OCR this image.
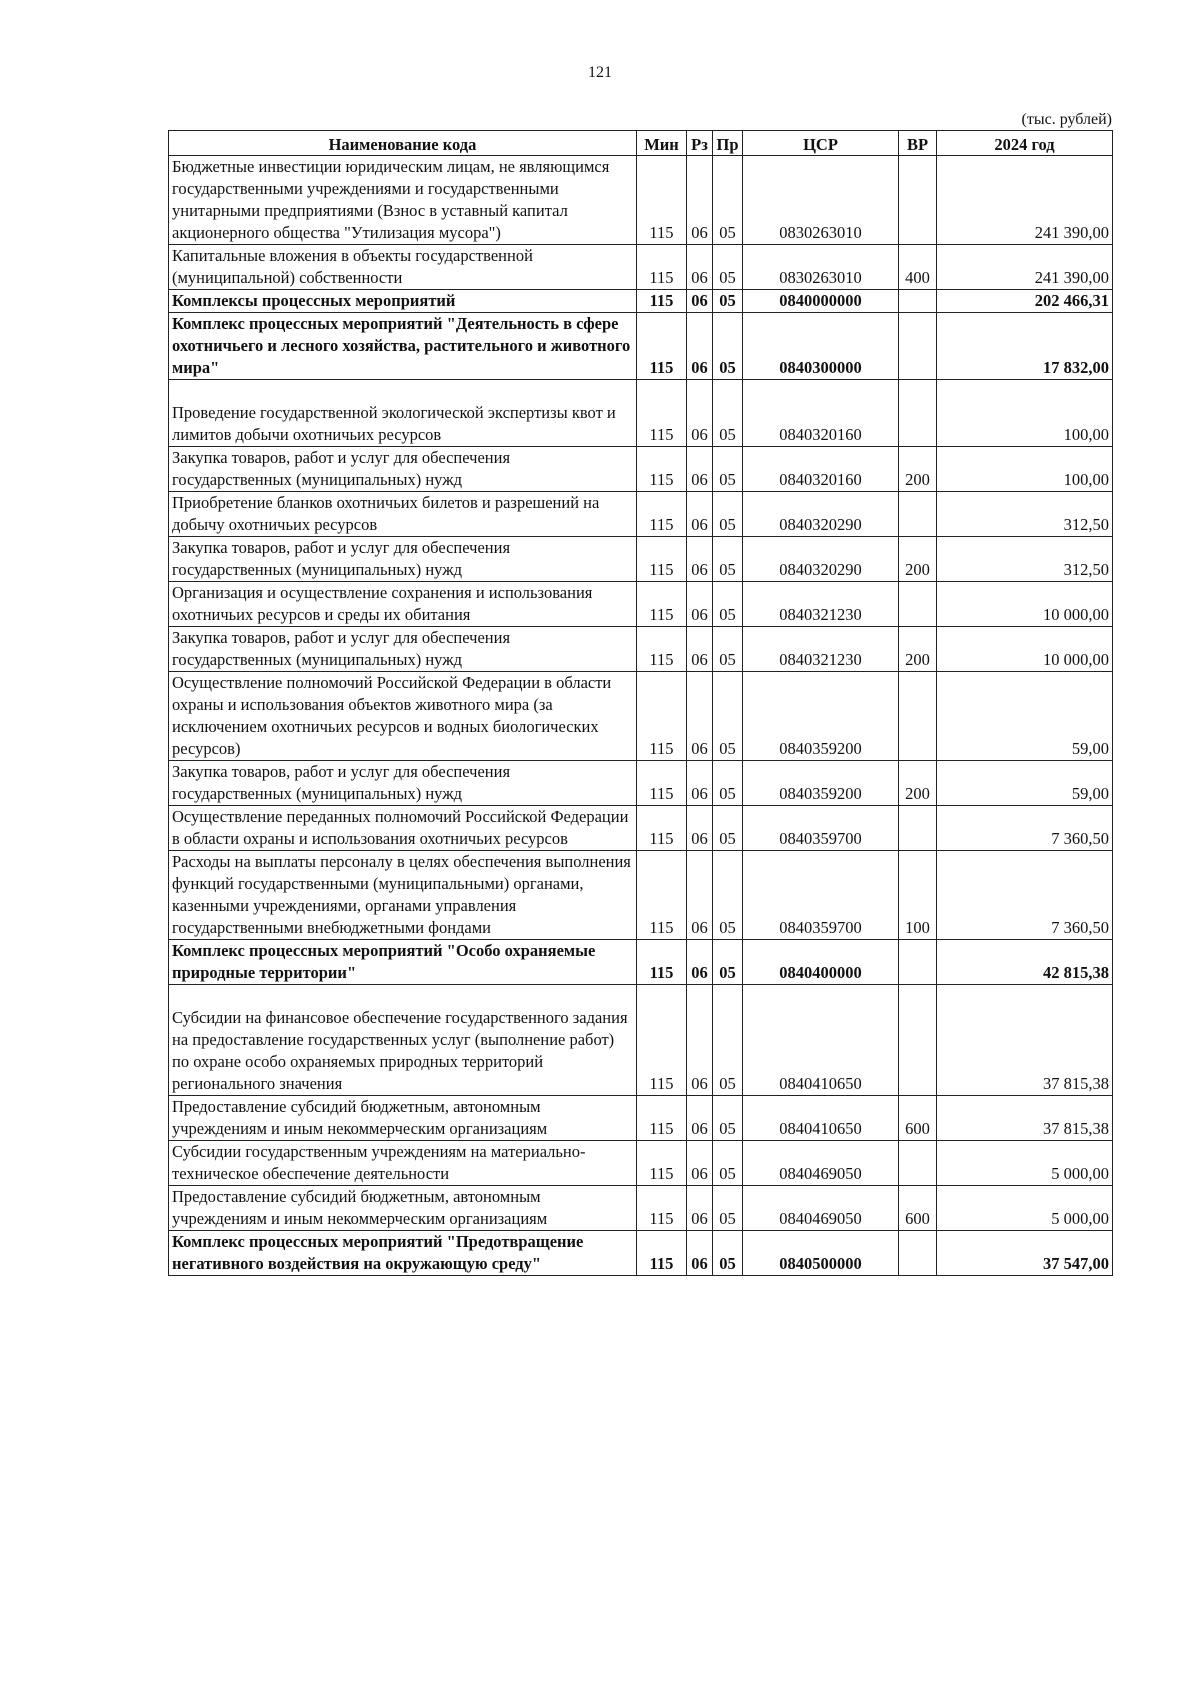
121
(тыс. рублей)
Наименование кода	Мин	Рз	Пр	ЦСР	ВР	2024 год
Бюджетные инвестиции юридическим лицам, не являющимся государственными учреждениями и государственными унитарными предприятиями (Взнос в уставный капитал акционерного общества "Утилизация мусора")	115	06	05	0830263010		241 390,00
Капитальные вложения в объекты государственной (муниципальной) собственности	115	06	05	0830263010	400	241 390,00
Комплексы процессных мероприятий	115	06	05	0840000000		202 466,31
Комплекс процессных мероприятий "Деятельность в сфере охотничьего и лесного хозяйства, растительного и животного мира"	115	06	05	0840300000		17 832,00

Проведение государственной экологической экспертизы квот и лимитов добычи охотничьих ресурсов	115	06	05	0840320160		100,00
Закупка товаров, работ и услуг для обеспечения государственных (муниципальных) нужд	115	06	05	0840320160	200	100,00
Приобретение бланков охотничьих билетов и разрешений на добычу охотничьих ресурсов	115	06	05	0840320290		312,50
Закупка товаров, работ и услуг для обеспечения государственных (муниципальных) нужд	115	06	05	0840320290	200	312,50
Организация и осуществление сохранения и использования охотничьих ресурсов и среды их обитания	115	06	05	0840321230		10 000,00
Закупка товаров, работ и услуг для обеспечения государственных (муниципальных) нужд	115	06	05	0840321230	200	10 000,00
Осуществление полномочий Российской Федерации в области охраны и использования объектов животного мира (за исключением охотничьих ресурсов и водных биологических ресурсов)	115	06	05	0840359200		59,00
Закупка товаров, работ и услуг для обеспечения государственных (муниципальных) нужд	115	06	05	0840359200	200	59,00
Осуществление переданных полномочий Российской Федерации в области охраны и использования охотничьих ресурсов	115	06	05	0840359700		7 360,50
Расходы на выплаты персоналу в целях обеспечения выполнения функций государственными (муниципальными) органами, казенными учреждениями, органами управления государственными внебюджетными фондами	115	06	05	0840359700	100	7 360,50
Комплекс процессных мероприятий "Особо охраняемые природные территории"	115	06	05	0840400000		42 815,38

Субсидии на финансовое обеспечение государственного задания на предоставление государственных услуг (выполнение работ) по охране особо охраняемых природных территорий регионального значения	115	06	05	0840410650		37 815,38
Предоставление субсидий бюджетным, автономным учреждениям и иным некоммерческим организациям	115	06	05	0840410650	600	37 815,38
Субсидии государственным учреждениям на материально-техническое обеспечение деятельности	115	06	05	0840469050		5 000,00
Предоставление субсидий бюджетным, автономным учреждениям и иным некоммерческим организациям	115	06	05	0840469050	600	5 000,00
Комплекс процессных мероприятий "Предотвращение негативного воздействия на окружающую среду"	115	06	05	0840500000		37 547,00
